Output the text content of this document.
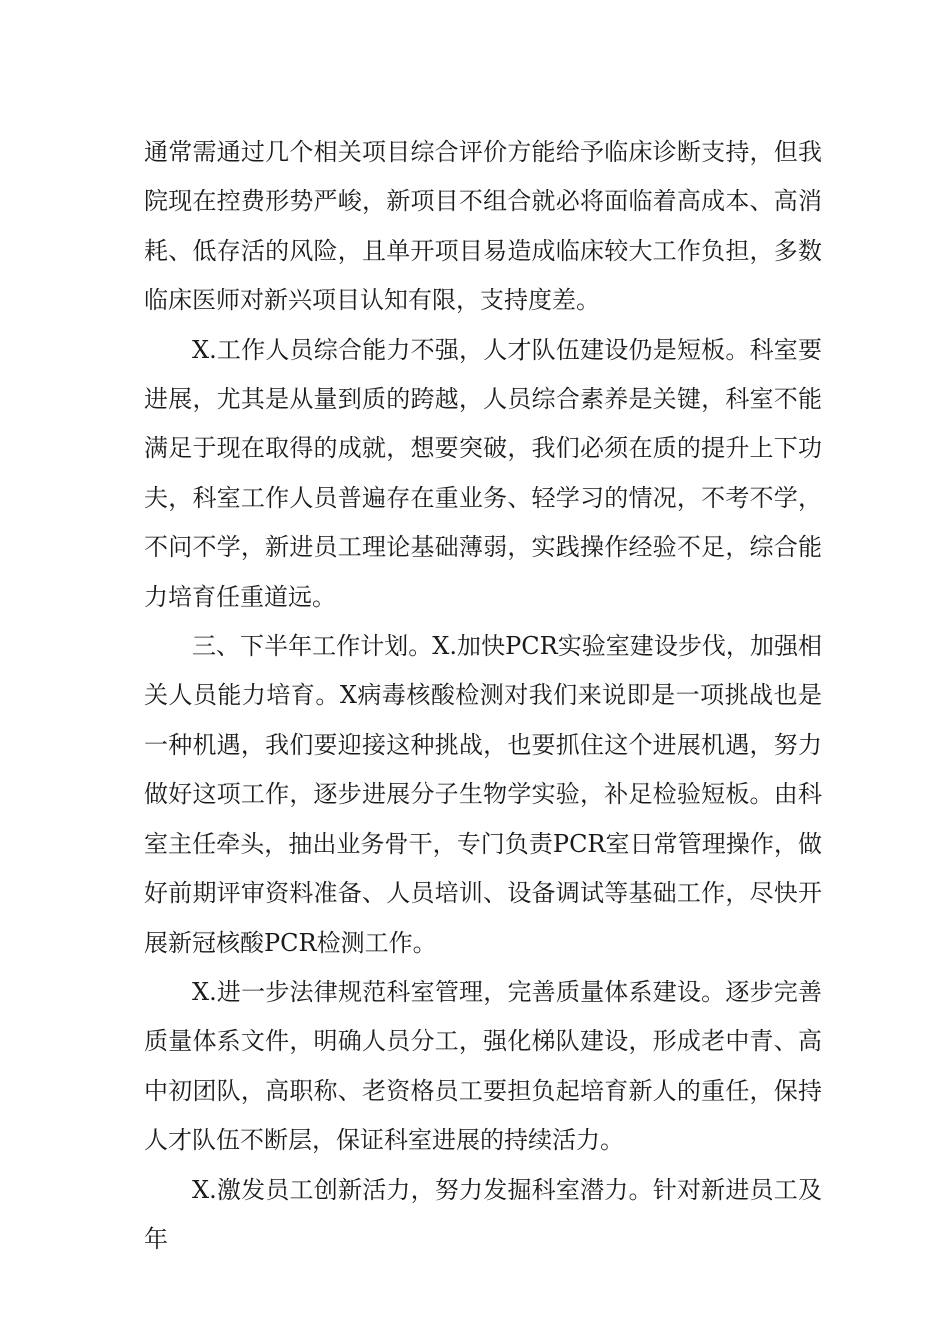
通常需通过几个相关项目综合评价方能给予临床诊断支持，但我院现在控费形势严峻，新项目不组合就必将面临着高成本、高消耗、低存活的风险，且单开项目易造成临床较大工作负担，多数临床医师对新兴项目认知有限，支持度差。

X.工作人员综合能力不强，人才队伍建设仍是短板。科室要进展，尤其是从量到质的跨越，人员综合素养是关键，科室不能满足于现在取得的成就，想要突破，我们必须在质的提升上下功夫，科室工作人员普遍存在重业务、轻学习的情况，不考不学，不问不学，新进员工理论基础薄弱，实践操作经验不足，综合能力培育任重道远。

三、下半年工作计划。X.加快PCR实验室建设步伐，加强相关人员能力培育。X病毒核酸检测对我们来说即是一项挑战也是一种机遇，我们要迎接这种挑战，也要抓住这个进展机遇，努力做好这项工作，逐步进展分子生物学实验，补足检验短板。由科室主任牵头，抽出业务骨干，专门负责PCR室日常管理操作，做好前期评审资料准备、人员培训、设备调试等基础工作，尽快开展新冠核酸PCR检测工作。

X.进一步法律规范科室管理，完善质量体系建设。逐步完善质量体系文件，明确人员分工，强化梯队建设，形成老中青、高中初团队，高职称、老资格员工要担负起培育新人的重任，保持人才队伍不断层，保证科室进展的持续活力。

X.激发员工创新活力，努力发掘科室潜力。针对新进员工及年
